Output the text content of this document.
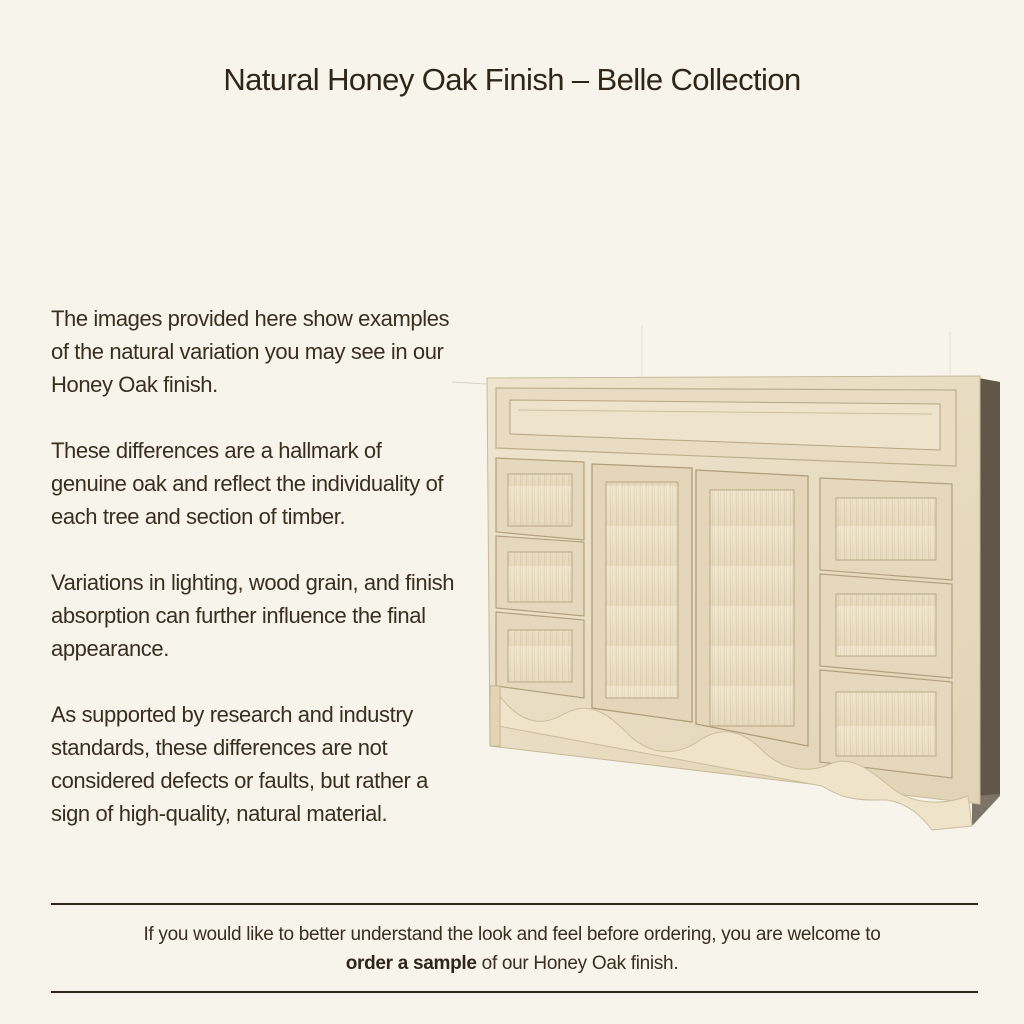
Natural Honey Oak Finish – Belle Collection

The images provided here show examples of the natural variation you may see in our Honey Oak finish.

These differences are a hallmark of genuine oak and reflect the individuality of each tree and section of timber.

Variations in lighting, wood grain, and finish absorption can further influence the final appearance.

As supported by research and industry standards, these differences are not considered defects or faults, but rather a sign of high-quality, natural material.

If you would like to better understand the look and feel before ordering, you are welcome to
order a sample of our Honey Oak finish.
